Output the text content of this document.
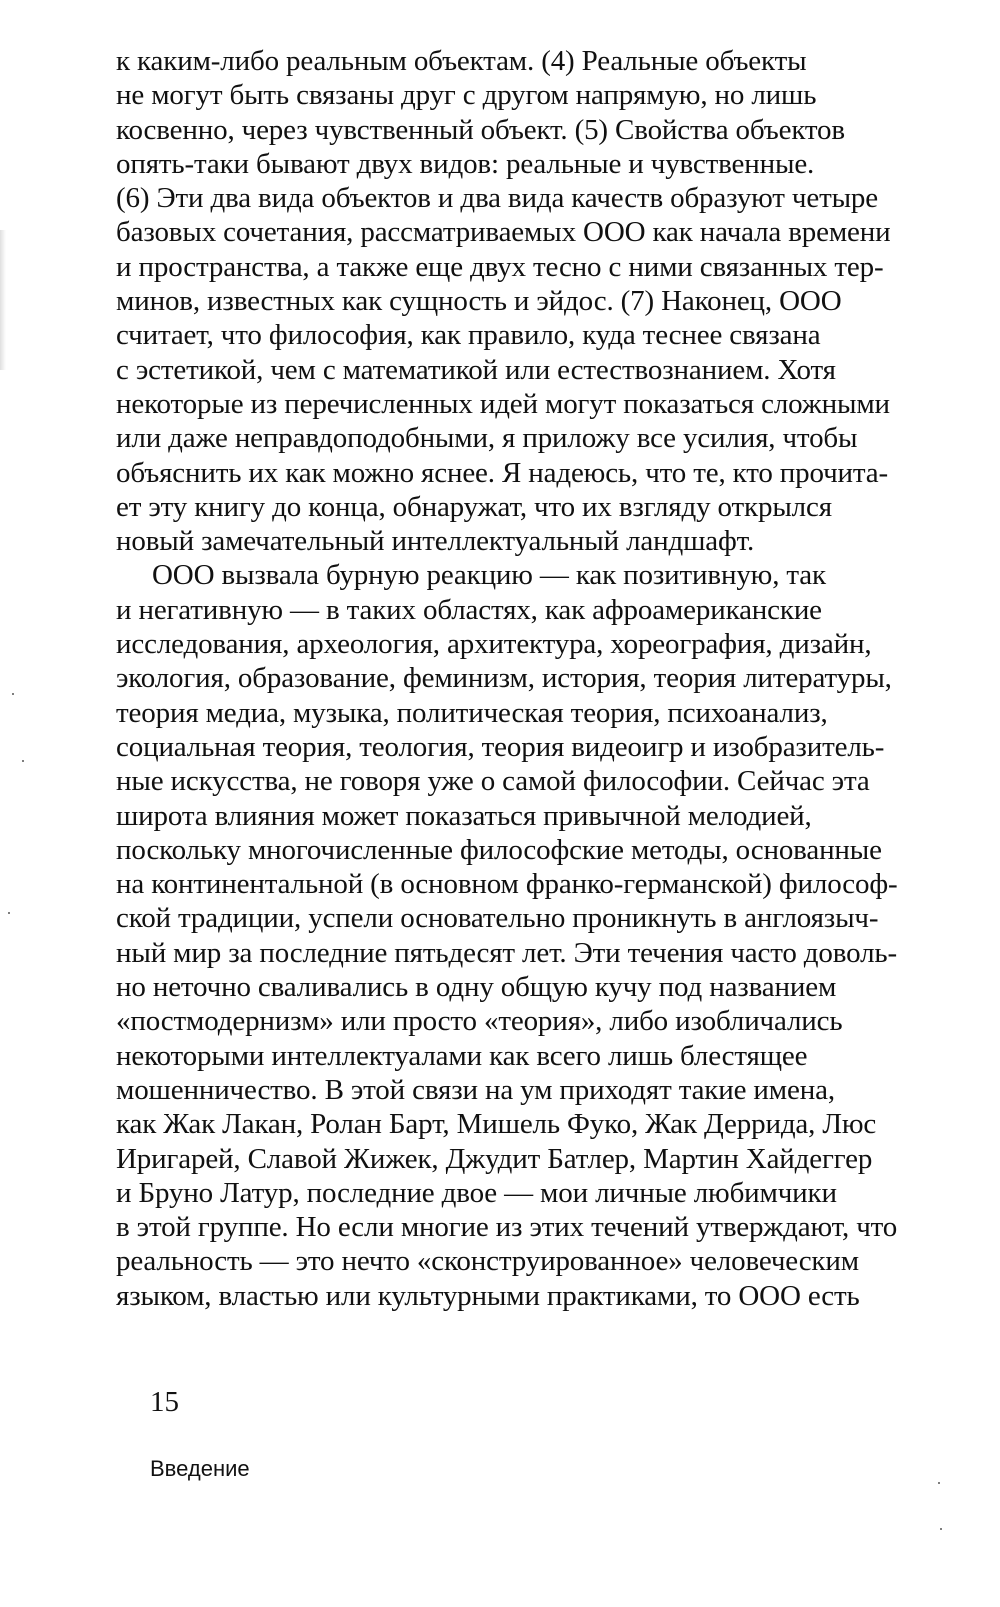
к каким-либо реальным объектам. (4) Реальные объекты
не могут быть связаны друг с другом напрямую, но лишь
косвенно, через чувственный объект. (5) Свойства объектов
опять-таки бывают двух видов: реальные и чувственные.
(6) Эти два вида объектов и два вида качеств образуют четыре
базовых сочетания, рассматриваемых ООО как начала времени
и пространства, а также еще двух тесно с ними связанных тер-
минов, известных как сущность и эйдос. (7) Наконец, ООО
считает, что философия, как правило, куда теснее связана
с эстетикой, чем с математикой или естествознанием. Хотя
некоторые из перечисленных идей могут показаться сложными
или даже неправдоподобными, я приложу все усилия, чтобы
объяснить их как можно яснее. Я надеюсь, что те, кто прочита-
ет эту книгу до конца, обнаружат, что их взгляду открылся
новый замечательный интеллектуальный ландшафт.
ООО вызвала бурную реакцию — как позитивную, так
и негативную — в таких областях, как афроамериканские
исследования, археология, архитектура, хореография, дизайн,
экология, образование, феминизм, история, теория литературы,
теория медиа, музыка, политическая теория, психоанализ,
социальная теория, теология, теория видеоигр и изобразитель-
ные искусства, не говоря уже о самой философии. Сейчас эта
широта влияния может показаться привычной мелодией,
поскольку многочисленные философские методы, основанные
на континентальной (в основном франко-германской) философ-
ской традиции, успели основательно проникнуть в англоязыч-
ный мир за последние пятьдесят лет. Эти течения часто доволь-
но неточно сваливались в одну общую кучу под названием
«постмодернизм» или просто «теория», либо изобличались
некоторыми интеллектуалами как всего лишь блестящее
мошенничество. В этой связи на ум приходят такие имена,
как Жак Лакан, Ролан Барт, Мишель Фуко, Жак Деррида, Люс
Иригарей, Славой Жижек, Джудит Батлер, Мартин Хайдеггер
и Бруно Латур, последние двое — мои личные любимчики
в этой группе. Но если многие из этих течений утверждают, что
реальность — это нечто «сконструированное» человеческим
языком, властью или культурными практиками, то ООО есть
15
Введение
